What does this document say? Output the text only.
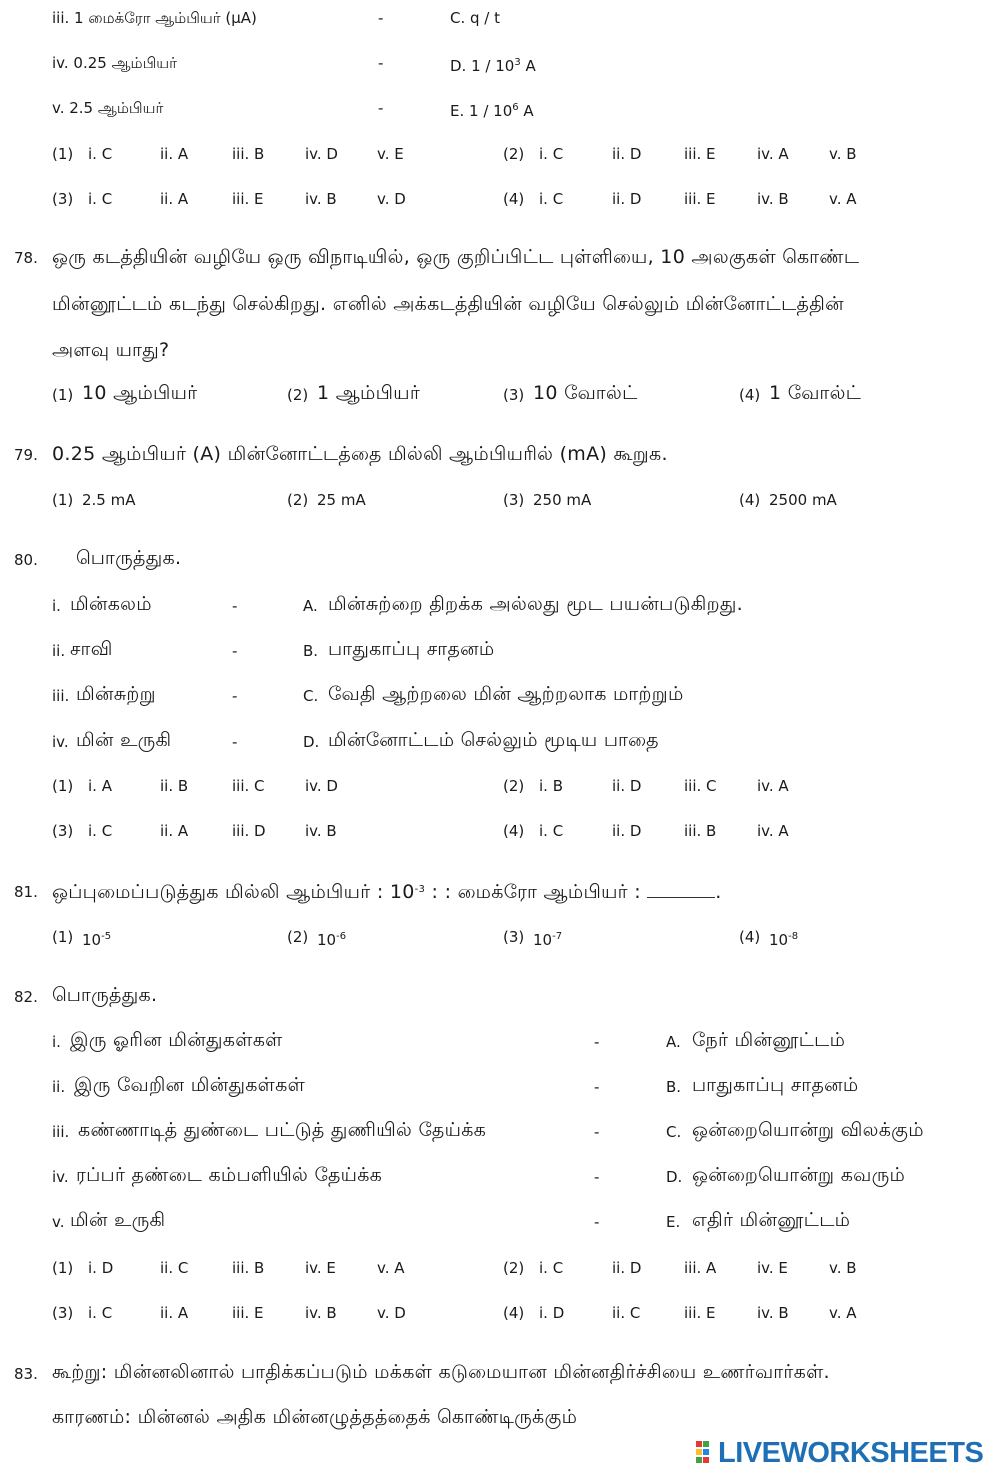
iii. 1 மைக்ரோ ஆம்பியர் (μA)	-	C. q / t
iv. 0.25 ஆம்பியர்	-	D. $1 / 10^3$ A
v. 2.5 ஆம்பியர்	-	E. $1 / 10^6$ A
(1) i. C	ii. A	iii. B	iv. D	v. E	(2) i. C	ii. D	iii. E	iv. A	v. B
(3) i. C	ii. A	iii. E	iv. B	v. D	(4) i. C	ii. D	iii. E	iv. B	v. A
78. ஒரு கடத்தியின் வழியே ஒரு விநாடியில், ஒரு குறிப்பிட்ட புள்ளியை, 10 அலகுகள் கொண்ட
மின்னூட்டம் கடந்து செல்கிறது. எனில் அக்கடத்தியின் வழியே செல்லும் மின்னோட்டத்தின்
அளவு யாது?
(1) 10 ஆம்பியர்	(2) 1 ஆம்பியர்	(3) 10 வோல்ட்	(4) 1 வோல்ட்
79. 0.25 ஆம்பியர் (A) மின்னோட்டத்தை மில்லி ஆம்பியரில் (mA) கூறுக.
(1) 2.5 mA	(2) 25 mA	(3) 250 mA	(4) 2500 mA
80. பொருத்துக.
i. மின்கலம்	-	A. மின்சுற்றை திறக்க அல்லது மூட பயன்படுகிறது.
ii. சாவி	-	B. பாதுகாப்பு சாதனம்
iii. மின்சுற்று	-	C. வேதி ஆற்றலை மின் ஆற்றலாக மாற்றும்
iv. மின் உருகி	-	D. மின்னோட்டம் செல்லும் மூடிய பாதை
(1) i. A	ii. B	iii. C	iv. D	(2) i. B	ii. D	iii. C	iv. A
(3) i. C	ii. A	iii. D	iv. B	(4) i. C	ii. D	iii. B	iv. A
81. ஒப்புமைப்படுத்துக மில்லி ஆம்பியர் : $10^{-3}$ : : மைக்ரோ ஆம்பியர் :	.
(1) $10^{-5}$	(2) $10^{-6}$	(3) $10^{-7}$	(4) $10^{-8}$
82. பொருத்துக.
i. இரு ஓரின மின்துகள்கள்	-	A. நேர் மின்னூட்டம்
ii. இரு வேறின மின்துகள்கள்	-	B. பாதுகாப்பு சாதனம்
iii. கண்ணாடித் துண்டை பட்டுத் துணியில் தேய்க்க	-	C. ஒன்றையொன்று விலக்கும்
iv. ரப்பர் தண்டை கம்பளியில் தேய்க்க	-	D. ஒன்றையொன்று கவரும்
v. மின் உருகி	-	E. எதிர் மின்னூட்டம்
(1) i. D	ii. C	iii. B	iv. E	v. A	(2) i. C	ii. D	iii. A	iv. E	v. B
(3) i. C	ii. A	iii. E	iv. B	v. D	(4) i. D	ii. C	iii. E	iv. B	v. A
83. கூற்று: மின்னலினால் பாதிக்கப்படும் மக்கள் கடுமையான மின்னதிர்ச்சியை உணர்வார்கள்.
காரணம்: மின்னல் அதிக மின்னழுத்தத்தைக் கொண்டிருக்கும்
LIVEWORKSHEETS
